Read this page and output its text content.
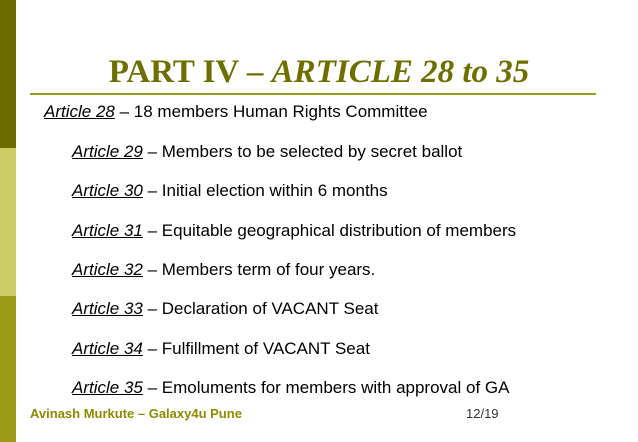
PART IV – ARTICLE 28 to 35
Article 28 – 18 members Human Rights Committee
Article 29 – Members to be selected by secret ballot
Article 30 – Initial election within 6 months
Article 31 – Equitable geographical distribution of members
Article 32 – Members term of four years.
Article 33 – Declaration of VACANT Seat
Article 34 – Fulfillment of VACANT Seat
Article 35 – Emoluments for members with approval of GA
Avinash Murkute – Galaxy4u Pune	12/19
